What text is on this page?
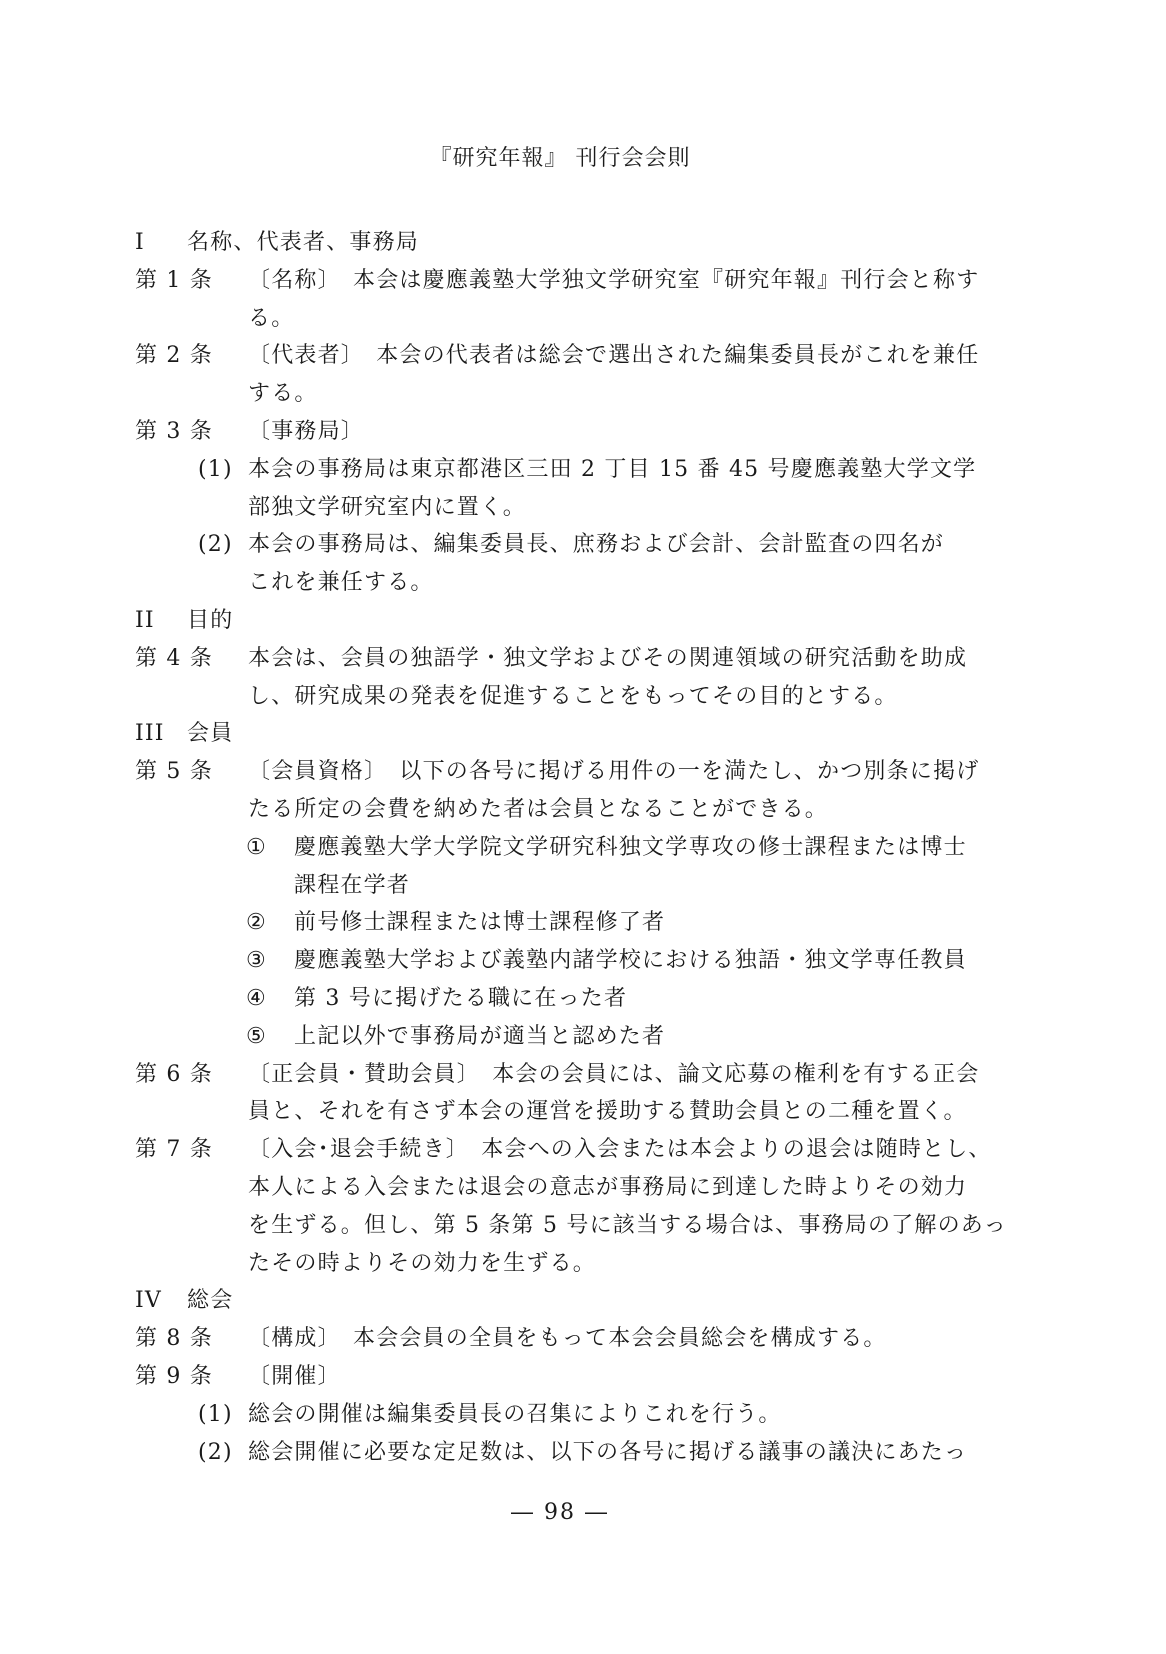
『研究年報』 刊行会会則
I 名称、代表者、事務局
第 1 条 〔名称〕　本会は慶應義塾大学独文学研究室『研究年報』刊行会と称す
る。
第 2 条 〔代表者〕　本会の代表者は総会で選出された編集委員長がこれを兼任
する。
第 3 条 〔事務局〕
(1) 本会の事務局は東京都港区三田 2 丁目 15 番 45 号慶應義塾大学文学
部独文学研究室内に置く。
(2) 本会の事務局は、編集委員長、庶務および会計、会計監査の四名が
これを兼任する。
II 目的
第 4 条 本会は、会員の独語学・独文学およびその関連領域の研究活動を助成
し、研究成果の発表を促進することをもってその目的とする。
III 会員
第 5 条 〔会員資格〕　以下の各号に掲げる用件の一を満たし、かつ別条に掲げ
たる所定の会費を納めた者は会員となることができる。
① 慶應義塾大学大学院文学研究科独文学専攻の修士課程または博士
課程在学者
② 前号修士課程または博士課程修了者
③ 慶應義塾大学および義塾内諸学校における独語・独文学専任教員
④ 第 3 号に掲げたる職に在った者
⑤ 上記以外で事務局が適当と認めた者
第 6 条 〔正会員・賛助会員〕　本会の会員には、論文応募の権利を有する正会
員と、それを有さず本会の運営を援助する賛助会員との二種を置く。
第 7 条 〔入会･退会手続き〕　本会への入会または本会よりの退会は随時とし、
本人による入会または退会の意志が事務局に到達した時よりその効力
を生ずる。但し、第 5 条第 5 号に該当する場合は、事務局の了解のあっ
たその時よりその効力を生ずる。
IV 総会
第 8 条 〔構成〕　本会会員の全員をもって本会会員総会を構成する。
第 9 条 〔開催〕
(1) 総会の開催は編集委員長の召集によりこれを行う。
(2) 総会開催に必要な定足数は、以下の各号に掲げる議事の議決にあたっ
― 98 ―
